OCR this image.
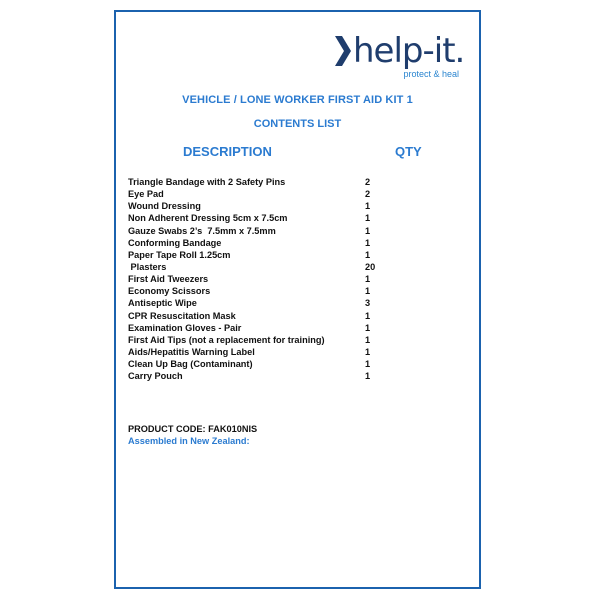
help-it.
protect & heal
VEHICLE / LONE WORKER FIRST AID KIT 1
CONTENTS LIST
DESCRIPTION	QTY
Triangle Bandage with 2 Safety Pins	2
Eye Pad	2
Wound Dressing	1
Non Adherent Dressing 5cm x 7.5cm	1
Gauze Swabs 2’s  7.5mm x 7.5mm	1
Conforming Bandage	1
Paper Tape Roll 1.25cm	1
Plasters	20
First Aid Tweezers	1
Economy Scissors	1
Antiseptic Wipe	3
CPR Resuscitation Mask	1
Examination Gloves - Pair	1
First Aid Tips (not a replacement for training)	1
Aids/Hepatitis Warning Label	1
Clean Up Bag (Contaminant)	1
Carry Pouch	1
PRODUCT CODE: FAK010NIS
Assembled in New Zealand:
